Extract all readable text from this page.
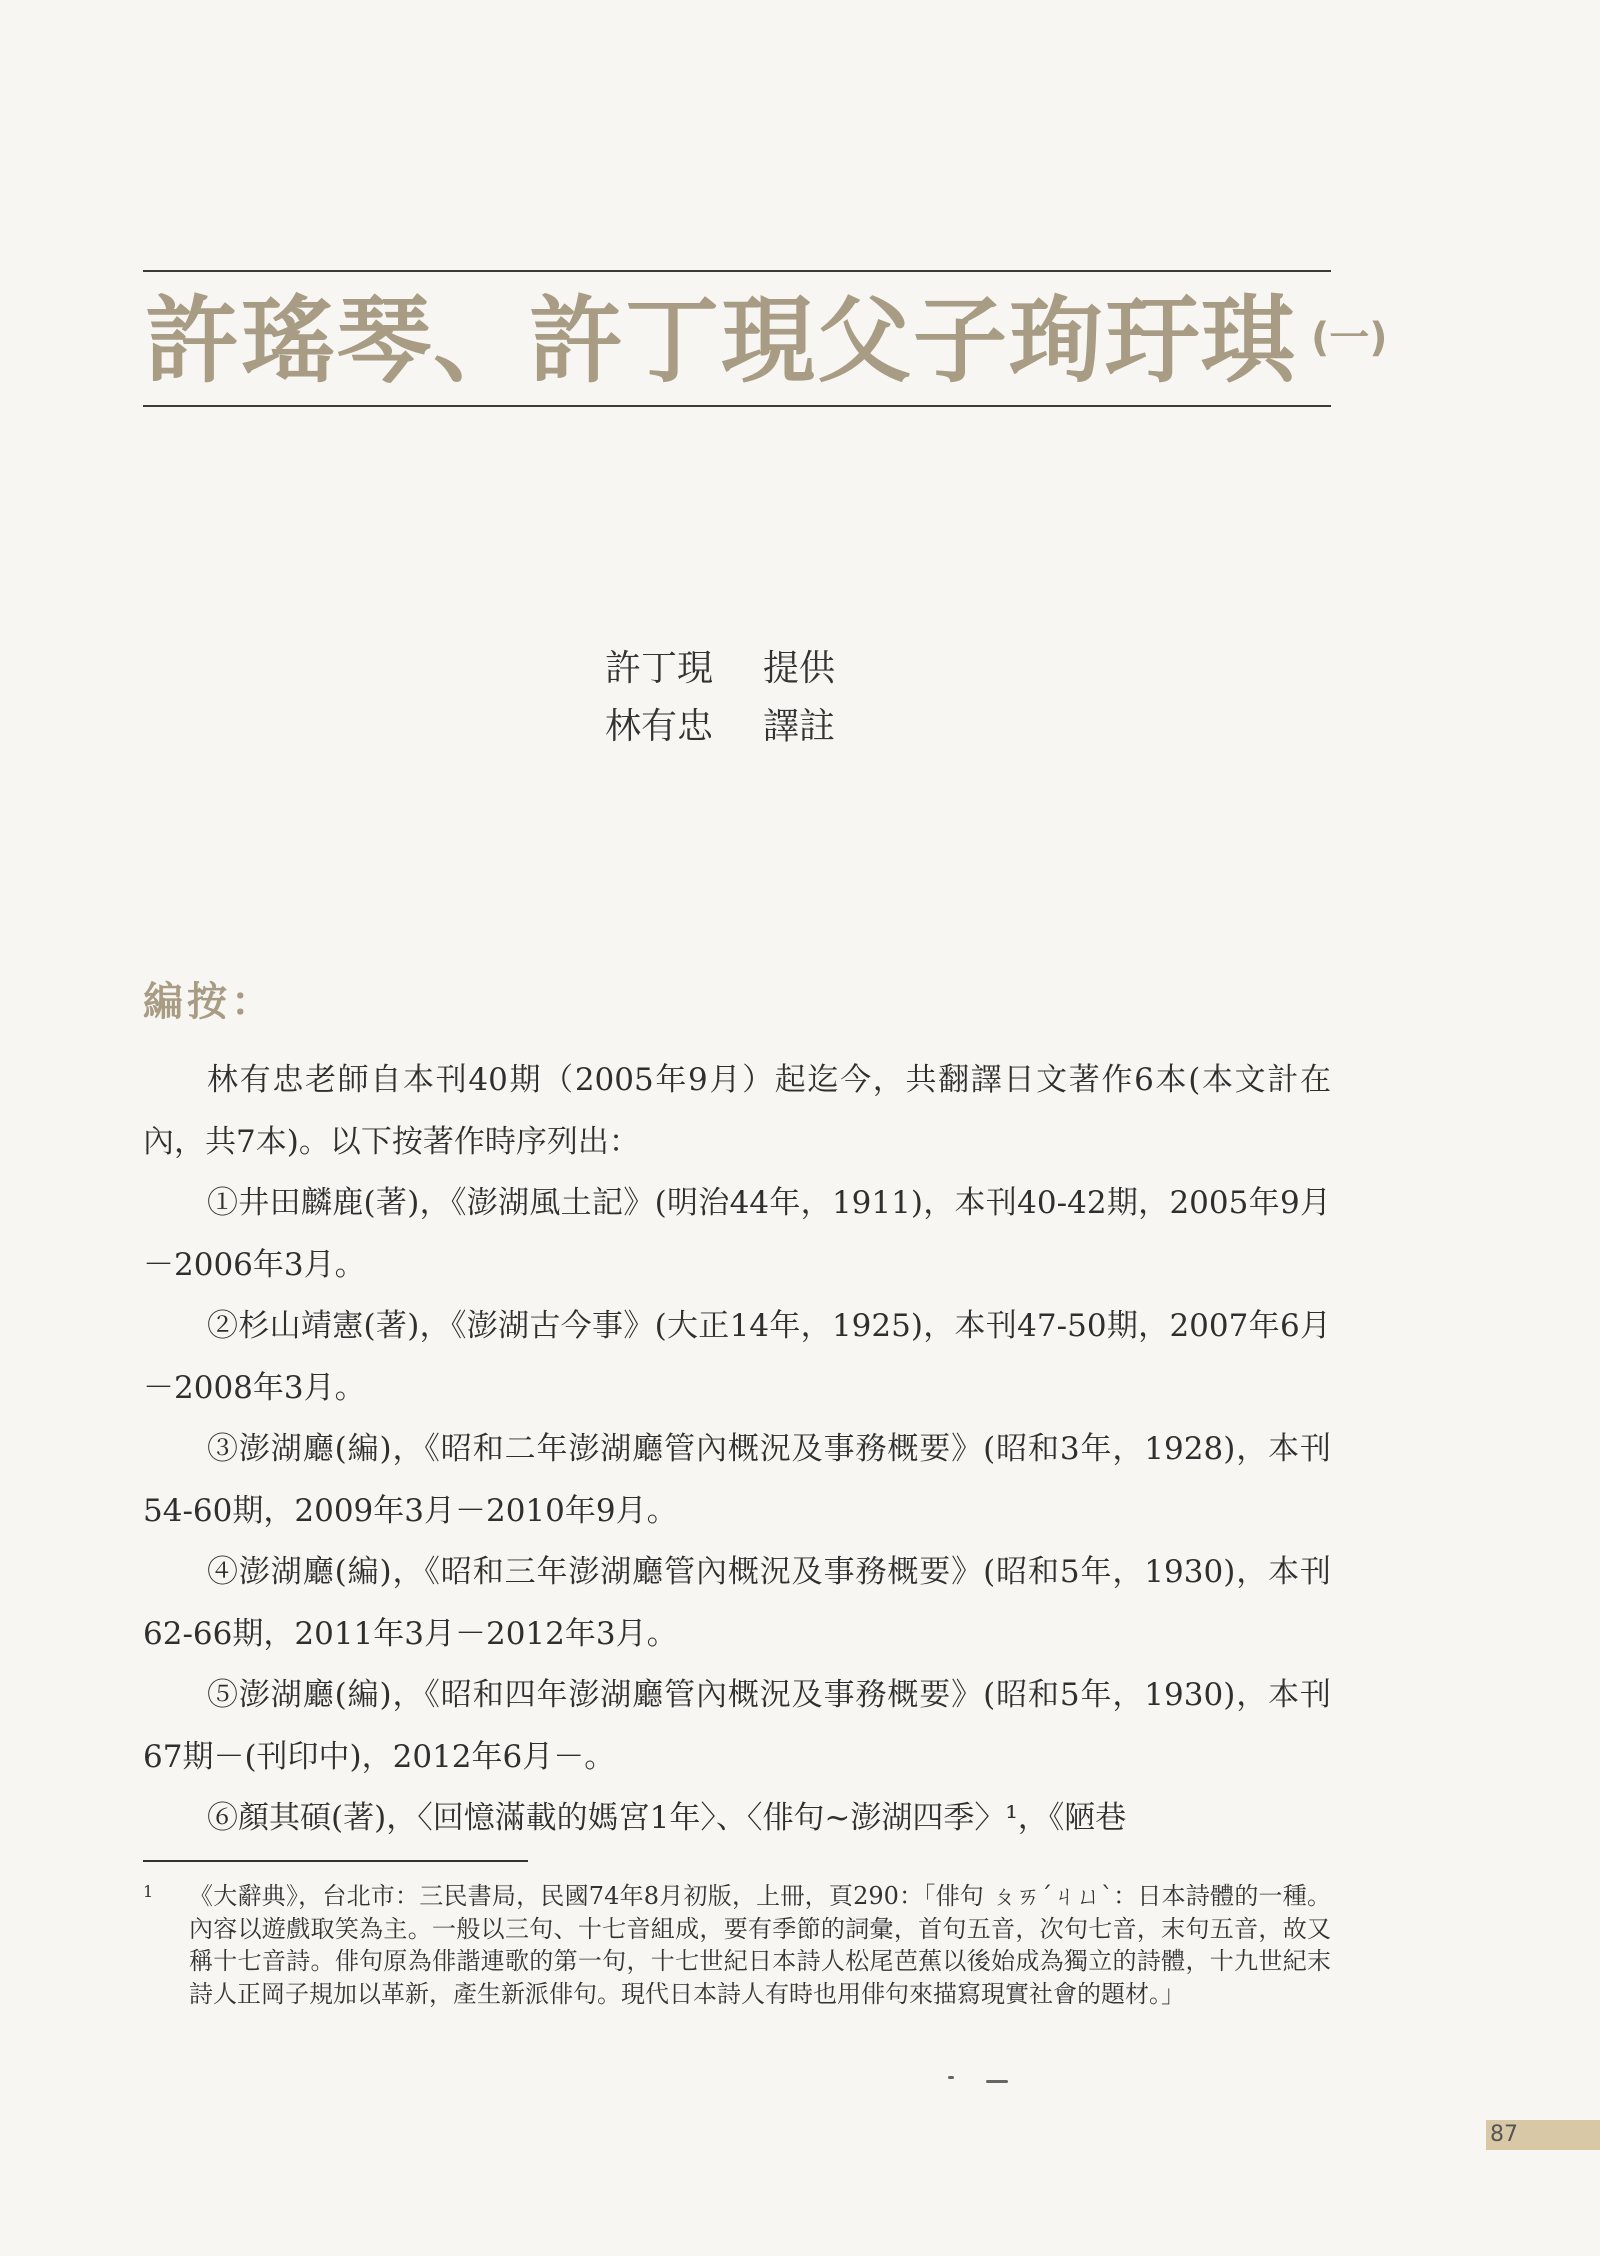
許瑤琴、許丁現父子珣玗琪 $^{(一)}$
許丁現 提供
林有忠 譯註
編按：

林有忠老師自本刊40期（2005年9月）起迄今，共翻譯日文著作6本(本文計在內，共7本)。以下按著作時序列出：

①井田麟鹿(著)，《澎湖風土記》(明治44年，1911)，本刊40-42期，2005年9月－2006年3月。

②杉山靖憲(著)，《澎湖古今事》(大正14年，1925)，本刊47-50期，2007年6月－2008年3月。

③澎湖廳(編)，《昭和二年澎湖廳管內概況及事務概要》(昭和3年，1928)，本刊54-60期，2009年3月－2010年9月。

④澎湖廳(編)，《昭和三年澎湖廳管內概況及事務概要》(昭和5年，1930)，本刊62-66期，2011年3月－2012年3月。

⑤澎湖廳(編)，《昭和四年澎湖廳管內概況及事務概要》(昭和5年，1930)，本刊67期－(刊印中)，2012年6月－。

⑥顏其碩(著)，〈回憶滿載的媽宮1年〉、〈俳句~澎湖四季〉¹，《陋巷

1 《大辭典》，台北市：三民書局，民國74年8月初版，上冊，頁290：「俳句 ㄆㄞˊㄐㄩˋ：日本詩體的一種。內容以遊戲取笑為主。一般以三句、十七音組成，要有季節的詞彙，首句五音，次句七音，末句五音，故又稱十七音詩。俳句原為俳諧連歌的第一句，十七世紀日本詩人松尾芭蕉以後始成為獨立的詩體，十九世紀末詩人正岡子規加以革新，產生新派俳句。現代日本詩人有時也用俳句來描寫現實社會的題材。」
87
